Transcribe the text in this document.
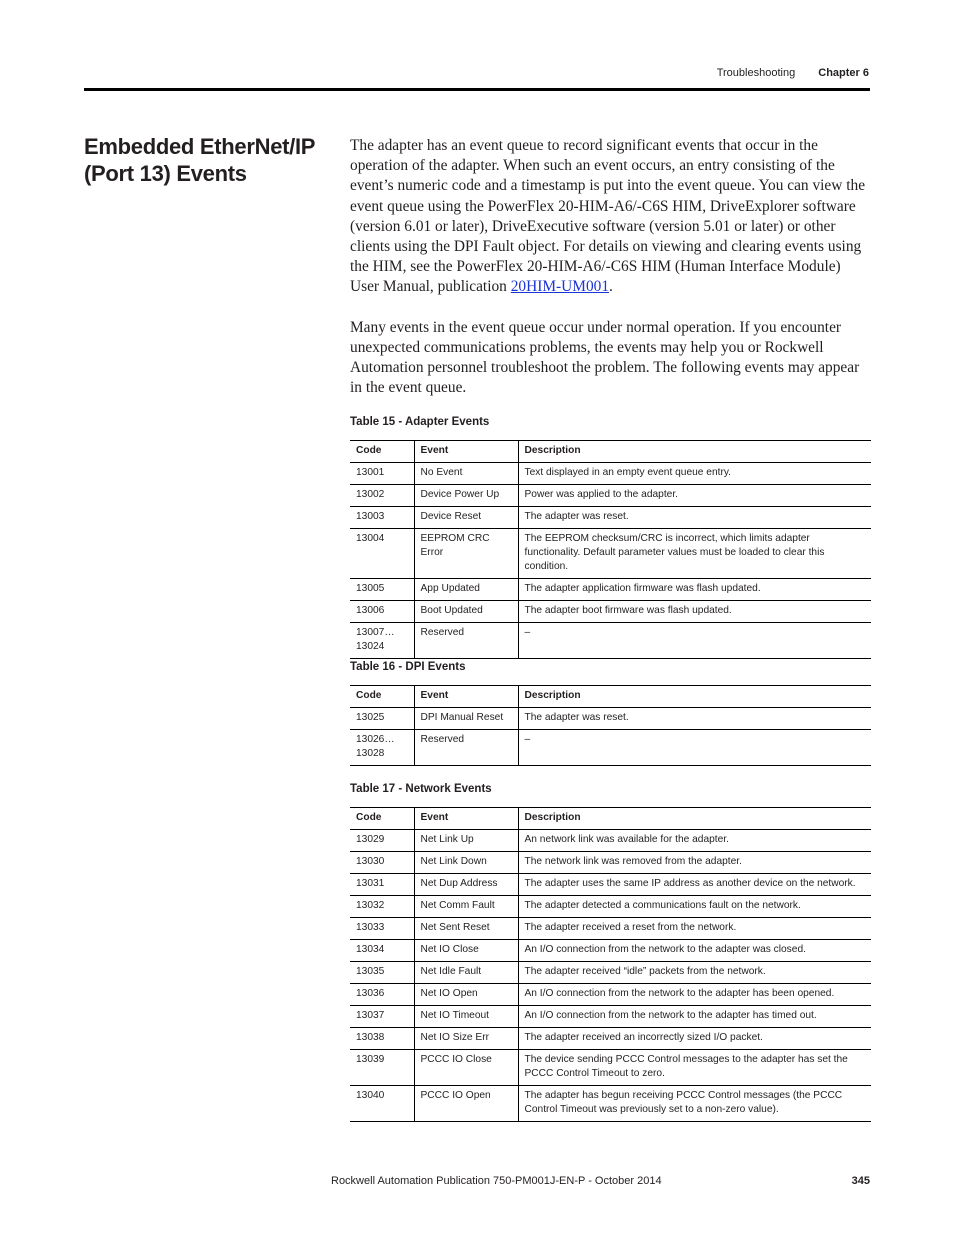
Troubleshooting Chapter 6
Embedded EtherNet/IP (Port 13) Events

The adapter has an event queue to record significant events that occur in the operation of the adapter. When such an event occurs, an entry consisting of the event’s numeric code and a timestamp is put into the event queue. You can view the event queue using the PowerFlex 20-HIM-A6/-C6S HIM, DriveExplorer software (version 6.01 or later), DriveExecutive software (version 5.01 or later) or other clients using the DPI Fault object. For details on viewing and clearing events using the HIM, see the PowerFlex 20-HIM-A6/-C6S HIM (Human Interface Module) User Manual, publication 20HIM-UM001.

Many events in the event queue occur under normal operation. If you encounter unexpected communications problems, the events may help you or Rockwell Automation personnel troubleshoot the problem. The following events may appear in the event queue.

Table 15 - Adapter Events
Code	Event	Description
13001	No Event	Text displayed in an empty event queue entry.
13002	Device Power Up	Power was applied to the adapter.
13003	Device Reset	The adapter was reset.
13004	EEPROM CRC Error	The EEPROM checksum/CRC is incorrect, which limits adapter functionality. Default parameter values must be loaded to clear this condition.
13005	App Updated	The adapter application firmware was flash updated.
13006	Boot Updated	The adapter boot firmware was flash updated.
13007… 13024	Reserved	–
Table 16 - DPI Events
Code	Event	Description
13025	DPI Manual Reset	The adapter was reset.
13026… 13028	Reserved	–
Table 17 - Network Events
Code	Event	Description
13029	Net Link Up	An network link was available for the adapter.
13030	Net Link Down	The network link was removed from the adapter.
13031	Net Dup Address	The adapter uses the same IP address as another device on the network.
13032	Net Comm Fault	The adapter detected a communications fault on the network.
13033	Net Sent Reset	The adapter received a reset from the network.
13034	Net IO Close	An I/O connection from the network to the adapter was closed.
13035	Net Idle Fault	The adapter received “idle” packets from the network.
13036	Net IO Open	An I/O connection from the network to the adapter has been opened.
13037	Net IO Timeout	An I/O connection from the network to the adapter has timed out.
13038	Net IO Size Err	The adapter received an incorrectly sized I/O packet.
13039	PCCC IO Close	The device sending PCCC Control messages to the adapter has set the PCCC Control Timeout to zero.
13040	PCCC IO Open	The adapter has begun receiving PCCC Control messages (the PCCC Control Timeout was previously set to a non-zero value).
Rockwell Automation Publication 750-PM001J-EN-P - October 2014	345
